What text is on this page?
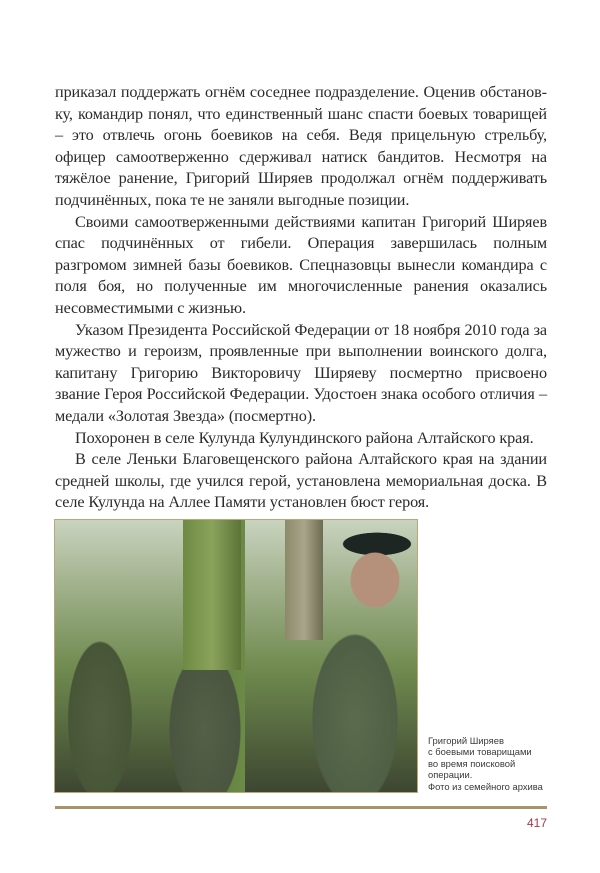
приказал поддержать огнём соседнее подразделение. Оценив обстановку, командир понял, что единственный шанс спасти боевых товарищей – это отвлечь огонь боевиков на себя. Ведя прицельную стрельбу, офицер самоотверженно сдерживал натиск бандитов. Несмотря на тяжёлое ранение, Григорий Ширяев продолжал огнём поддерживать подчинённых, пока те не заняли выгодные позиции.

Своими самоотверженными действиями капитан Григорий Ширяев спас подчинённых от гибели. Операция завершилась полным разгромом зимней базы боевиков. Спецназовцы вынесли командира с поля боя, но полученные им многочисленные ранения оказались несовместимыми с жизнью.

Указом Президента Российской Федерации от 18 ноября 2010 года за мужество и героизм, проявленные при выполнении воинского долга, капитану Григорию Викторовичу Ширяеву посмертно присвоено звание Героя Российской Федерации. Удостоен знака особого отличия – медали «Золотая Звезда» (посмертно).

Похоронен в селе Кулунда Кулундинского района Алтайского края.

В селе Леньки Благовещенского района Алтайского края на здании средней школы, где учился герой, установлена мемориальная доска. В селе Кулунда на Аллее Памяти установлен бюст героя.

Григорий Ширяев
с боевыми товарищами
во время поисковой
операции.
Фото из семейного архива
417
